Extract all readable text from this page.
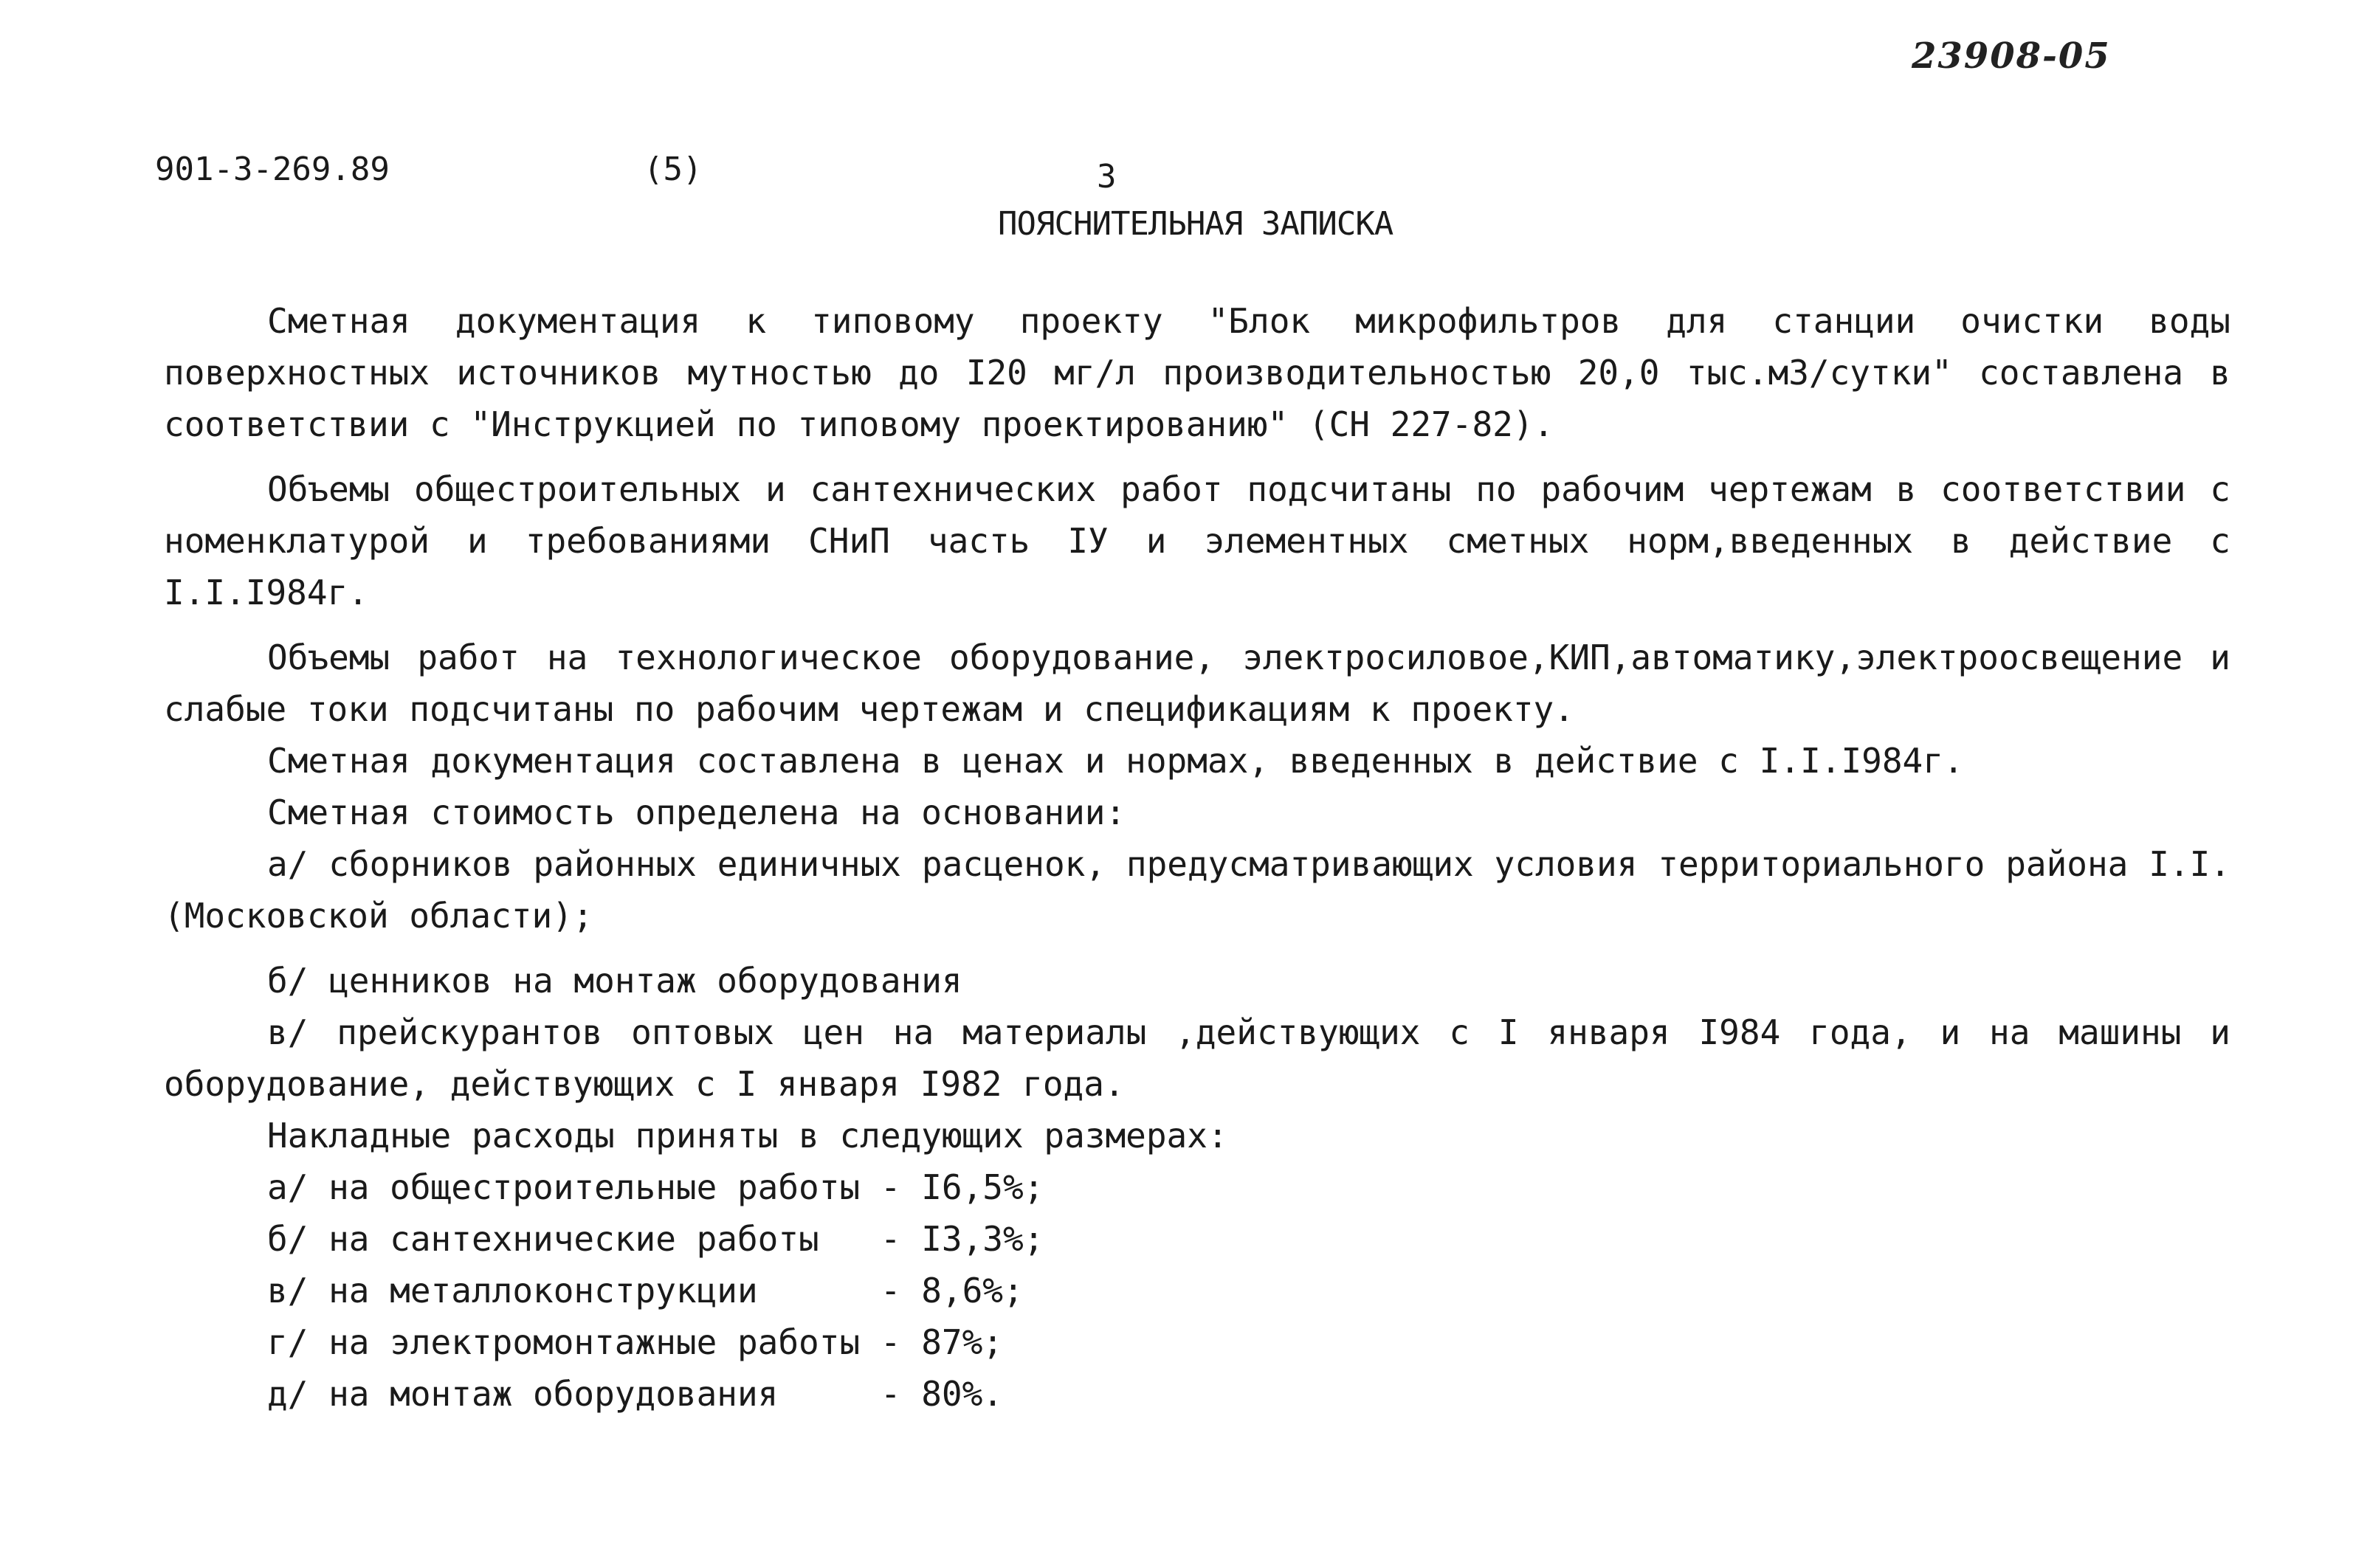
23908-05
901-3-269.89	(5)	3
ПОЯСНИТЕЛЬНАЯ ЗАПИСКА

Сметная документация к типовому проекту "Блок микрофильтров для станции очистки воды поверхностных источников мутностью до I20 мг/л производительностью 20,0 тыс.м3/сутки" составлена в соответствии с "Инструкцией по типовому проектированию" (СН 227-82).

Объемы общестроительных и сантехнических работ подсчитаны по рабочим чертежам в соответствии с номенклатурой и требованиями СНиП часть IУ и элементных сметных норм,введенных в действие с I.I.I984г.

Объемы работ на технологическое оборудование, электросиловое,КИП,автоматику,электроосвещение и слабые токи подсчитаны по рабочим чертежам и спецификациям к проекту.

Сметная документация составлена в ценах и нормах, введенных в действие с I.I.I984г.

Сметная стоимость определена на основании:

а/ сборников районных единичных расценок, предусматривающих условия территориального района I.I. (Московской области);

б/ ценников на монтаж оборудования

в/ прейскурантов оптовых цен на материалы ,действующих с I января I984 года, и на машины и оборудование, действующих с I января I982 года.

Накладные расходы приняты в следующих размерах:

а/ на общестроительные работы - I6,5%;

б/ на сантехнические работы   - I3,3%;

в/ на металлоконструкции      - 8,6%;

г/ на электромонтажные работы - 87%;

д/ на монтаж оборудования     - 80%.
